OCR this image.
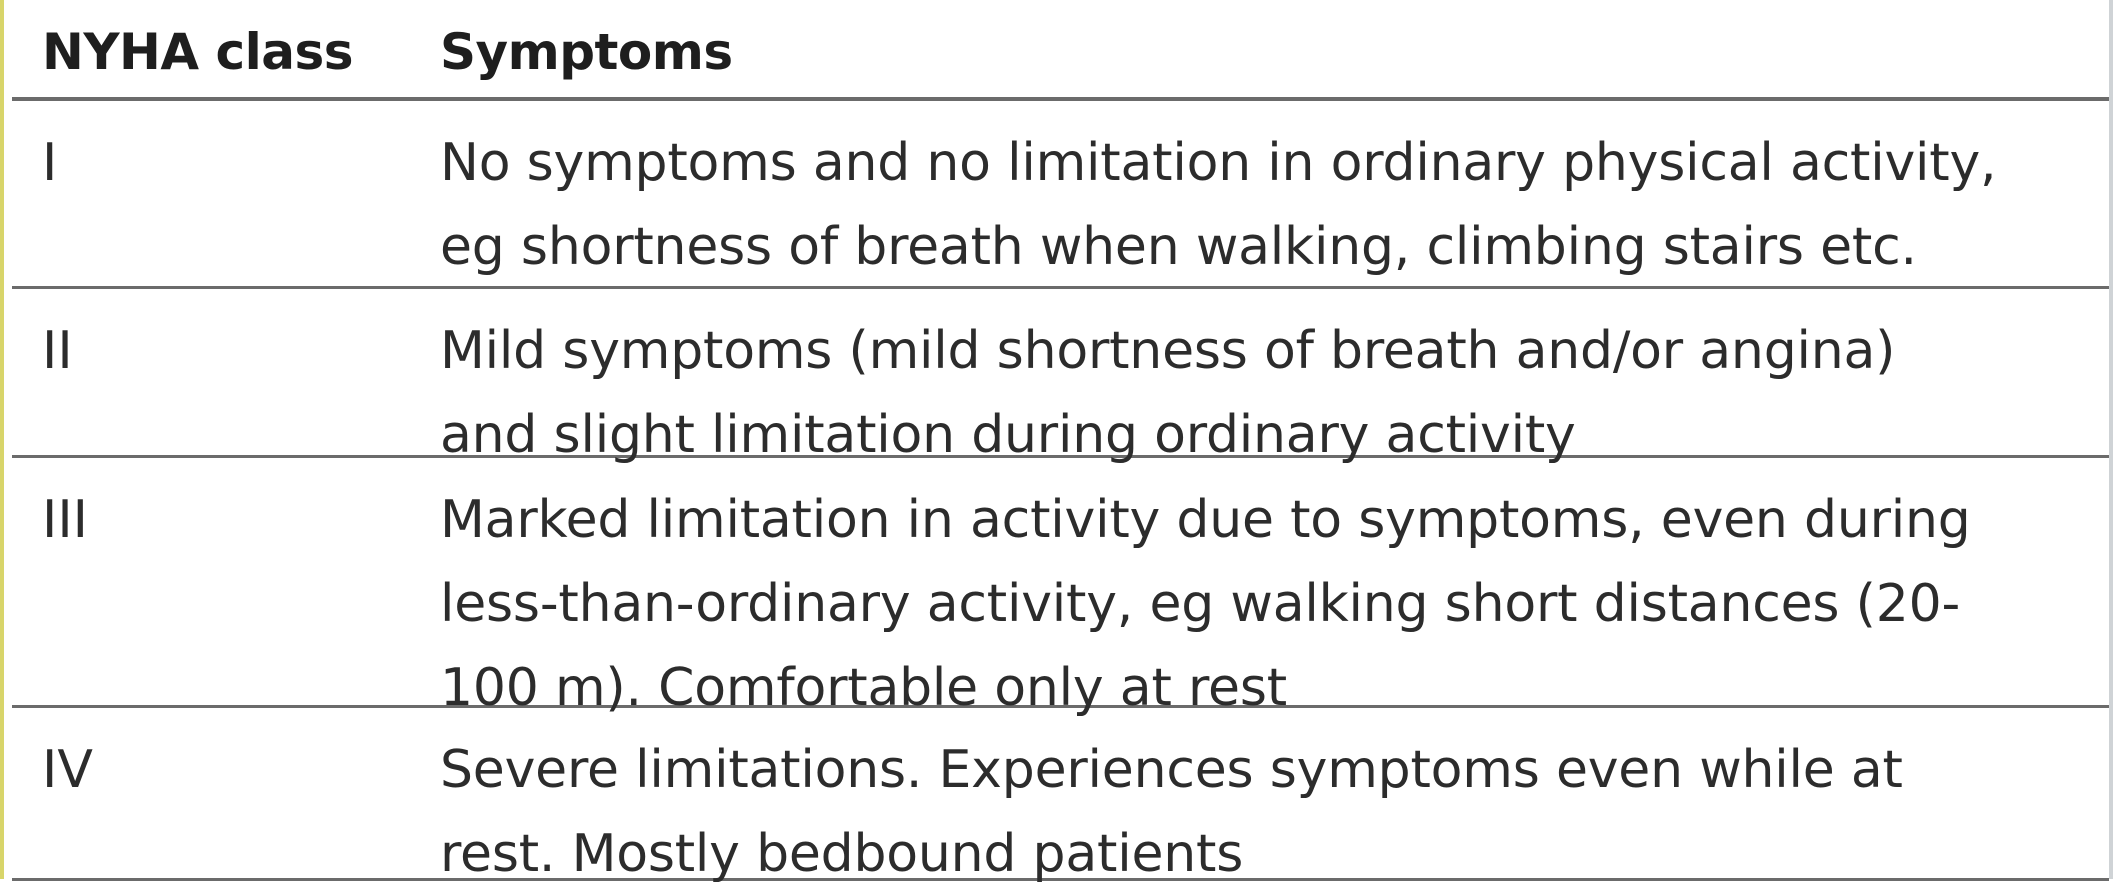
NYHA class Symptoms
I	No symptoms and no limitation in ordinary physical activity,
eg shortness of breath when walking, climbing stairs etc.
II	Mild symptoms (mild shortness of breath and/or angina)
and slight limitation during ordinary activity
III	Marked limitation in activity due to symptoms, even during
less-than-ordinary activity, eg walking short distances (20-
100 m). Comfortable only at rest
IV	Severe limitations. Experiences symptoms even while at
rest. Mostly bedbound patients
